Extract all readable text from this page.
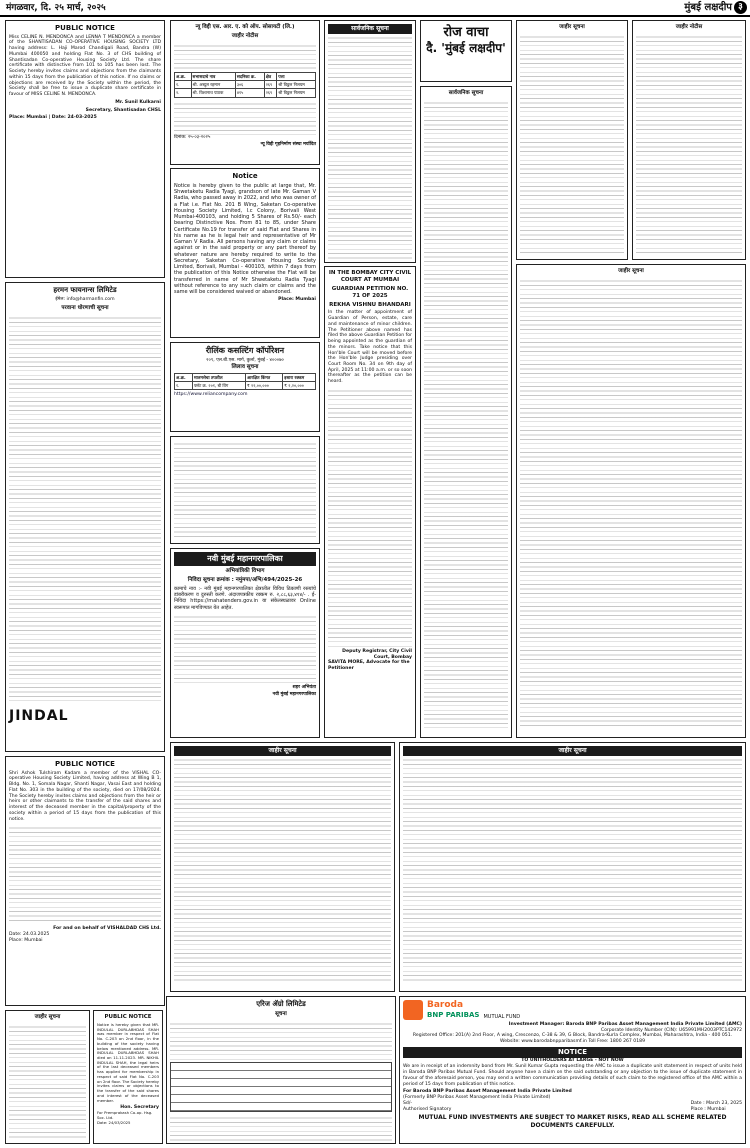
मंगळवार, दि. २५ मार्च, २०२५	मुंबई लक्षदीप ३
PUBLIC NOTICE
Miss CELINE N. MENDONCA and LENNA T MENDONCA a member of the SHANTISADAN CO-OPERATIVE HOUSING SOCIETY LTD having address: L. Haji Marod Chandigali Road, Bandra (W) Mumbai 400050 and holding Flat No. 3 of CHS building of Shantisadan Co-operative Housing Society Ltd. The share certificate with distinctive from 101 to 105 has been lost. The Society hereby invites claims and objections from the claimants within 15 days from the publication of this notice. If no claims or objections are received by the Society within the period, the Society shall be free to issue a duplicate share certificate in favour of MISS CELINE N. MENDONCA.
Mr. Sunil Kulkarni
Secretary, Shantisadan CHSL
Place: Mumbai | Date: 24-03-2025
हरमन फायनान्स लिमिटेड
ईमेल: info@harmanfin.com
परवाना धोरणाची सूचना
JINDAL
न्यू विद्दी एस. आर. ए. को ऑप. सोसायटी (लि.)
जाहीर नोटीस
अ.क्र.	सभासदाचे नाव	सदनिका क्र.	क्षेत्र	पत्ता
१.	श्री. अब्दुल रहमान	३०६	२६९	श्री विठ्ठल निलयम
२.	श्री. विश्वनाथ पाठक	४१५	२६९	श्री विठ्ठल निलयम
दिनांक: २५-०३-२०२५
न्यू विद्दी गृहनिर्माण संस्था मर्यादित
Notice
Notice is hereby given to the public at large that, Mr. Shwetaketu Radia Tyagi, grandson of late Mr. Gaman V Radia, who passed away in 2022, and who was owner of a Flat i.e. Flat No. 201 B Wing, Saketan Co-operative Housing Society Limited, I.c Colony, Borivali West Mumbai-400103, and holding 5 Shares of Rs.50/- each bearing Distinctive Nos. From 81 to 85, under Share Certificate No.19 for transfer of said Flat and Shares in his name as he is legal heir and representative of Mr Gaman V Radia. All persons having any claim or claims against or in the said property or any part thereof by whatever nature are hereby required to write to the Secretary, Saketan Co-operative Housing Society Limited, Borivali, Mumbai - 400103, within 7 days from the publication of this Notice otherwise the Flat will be transferred in name of Mr Shwetaketu Radia Tyagi without reference to any such claim or claims and the same will be considered waived or abandoned.
Place: Mumbai
रीलिंक कसल्टिंग कॉर्पोरेशन
२०९, एल.बी.एस. मार्ग, कुर्ला, मुंबई - ४०००७०
लिलाव सूचना
अ.क्र.	मालमत्तेचा तपशील	आरक्षित किंमत	इसारा रक्कम
१.	फ्लॅट क्र. २०१, बी विंग	₹ २२,००,०००	₹ २,२०,०००
https://www.reliancompany.com
नवी मुंबई महानगरपालिका
अभियांत्रिकी विभाग
निविदा सूचना क्रमांक : नमुंमपा/अभि/494/2025-26
कामाचे नाव :- नवी मुंबई महानगरपालिका क्षेत्रातील विविध ठिकाणी रस्त्यांचे डांबरीकरण व दुरुस्ती करणे. अंदाजपत्रकीय रक्कम रु. २,८८,६३,४१४/- . ई-निविदा https://mahatenders.gov.in या संकेतस्थळावर Online स्वरूपात मागविण्यात येत आहेत.
शहर अभियंता
नवी मुंबई महानगरपालिका
सार्वजनिक सूचना
IN THE BOMBAY CITY CIVIL COURT AT MUMBAI
GUARDIAN PETITION NO. 71 OF 2025
REKHA VISHNU BHANDARI
In the matter of appointment of Guardian of Person, estate, care and maintenance of minor children. The Petitioner above named has filed the above Guardian Petition for being appointed as the guardian of the minors. Take notice that this Hon'ble Court will be moved before the Hon'ble Judge presiding over Court Room No. 34 on 9th day of April, 2025 at 11:00 a.m. or so soon thereafter as the petition can be heard.
Deputy Registrar, City Civil Court, Bombay
SAVITA MORE, Advocate for the Petitioner
रोज वाचा
दै. 'मुंबई लक्षदीप'
सार्वजनिक सूचना
जाहीर सूचना
जाहीर सूचना
जाहीर नोटीस
PUBLIC NOTICE
Shri Ashok Tulshiram Kadam a member of the VISHAL CO-operative Housing Society Limited, having address at Wing B 1, Bldg. No. 1, Somala Nagar, Shanti Nagar, Vasai East and holding Flat No. 303 in the building of the society, died on 17/08/2024. The Society hereby invites claims and objections from the heir or heirs or other claimants to the transfer of the said shares and interest of the deceased member in the capital/property of the society within a period of 15 days from the publication of this notice.
For and on behalf of VISHALDAD CHS Ltd.
Date: 24.03.2025
Place: Mumbai
जाहीर सूचना	जाहीर सूचना
जाहीर सूचना	PUBLIC NOTICE
Notice is hereby given that MR. INDULAL DURLABHDAS SHAH was member in respect of Flat No. C-203 on 2nd floor, in the building of the society having below mentioned address. MR. INDULAL DURLABHDAS SHAH died on 11.11.2023. MR. NIKHIL INDULAL SHAH, the legal heirs of the last deceased members has applied for membership in respect of said Flat No. C-203 on 2nd floor. The Society hereby invites claims or objections to the transfer of the said shares and interest of the deceased member.
Hon. Secretary
For Premprakash Co-op. Hsg. Soc. Ltd.
Date: 24/03/2025
एरिज ॲग्रो लिमिटेड
सूचना
Baroda
BNP PARIBAS MUTUAL FUND
Investment Manager: Baroda BNP Paribas Asset Management India Private Limited (AMC)
Corporate Identity Number (CIN): U65991MH2003PTC142972
Registered Office: 201(A) 2nd Floor, A wing, Crescenzo, C-38 & 39, G Block, Bandra-Kurla Complex, Mumbai, Maharashtra, India - 400 051. Website: www.barodabnpparibasmf.in Toll Free: 1800 267 0189
NOTICE
TO UNITHOLDERS AT LARGE - NOT NOW
We are in receipt of an indemnity bond from Mr. Sunil Kumar Gupta requesting the AMC to issue a duplicate unit statement in respect of units held in Baroda BNP Paribas Mutual Fund. Should anyone have a claim on the said outstanding or any objection to the issue of duplicate statement in favour of the aforesaid person, you may send a written communication providing details of such claim to the registered office of the AMC within a period of 15 days from publication of this notice.
For Baroda BNP Paribas Asset Management India Private Limited
(Formerly BNP Paribas Asset Management India Private Limited)
Sd/-
Authorised Signatory
Date : March 23, 2025
Place : Mumbai
MUTUAL FUND INVESTMENTS ARE SUBJECT TO MARKET RISKS, READ ALL SCHEME RELATED DOCUMENTS CAREFULLY.
